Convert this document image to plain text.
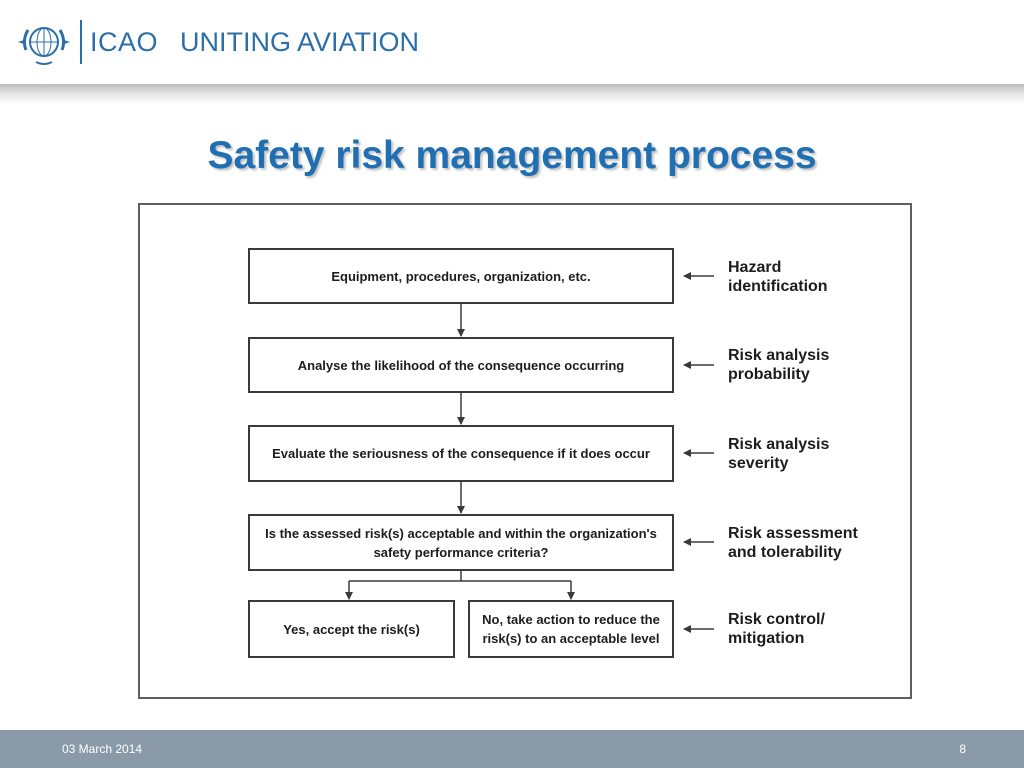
ICAO UNITING AVIATION
Safety risk management process
Equipment, procedures, organization, etc.
Analyse the likelihood of the consequence occurring
Evaluate the seriousness of the consequence if it does occur
Is the assessed risk(s) acceptable and within the organization's safety performance criteria?
Yes, accept the risk(s)
No, take action to reduce the risk(s) to an acceptable level
Hazard identification
Risk analysis probability
Risk analysis severity
Risk assessment and tolerability
Risk control/ mitigation
03 March 2014	8
